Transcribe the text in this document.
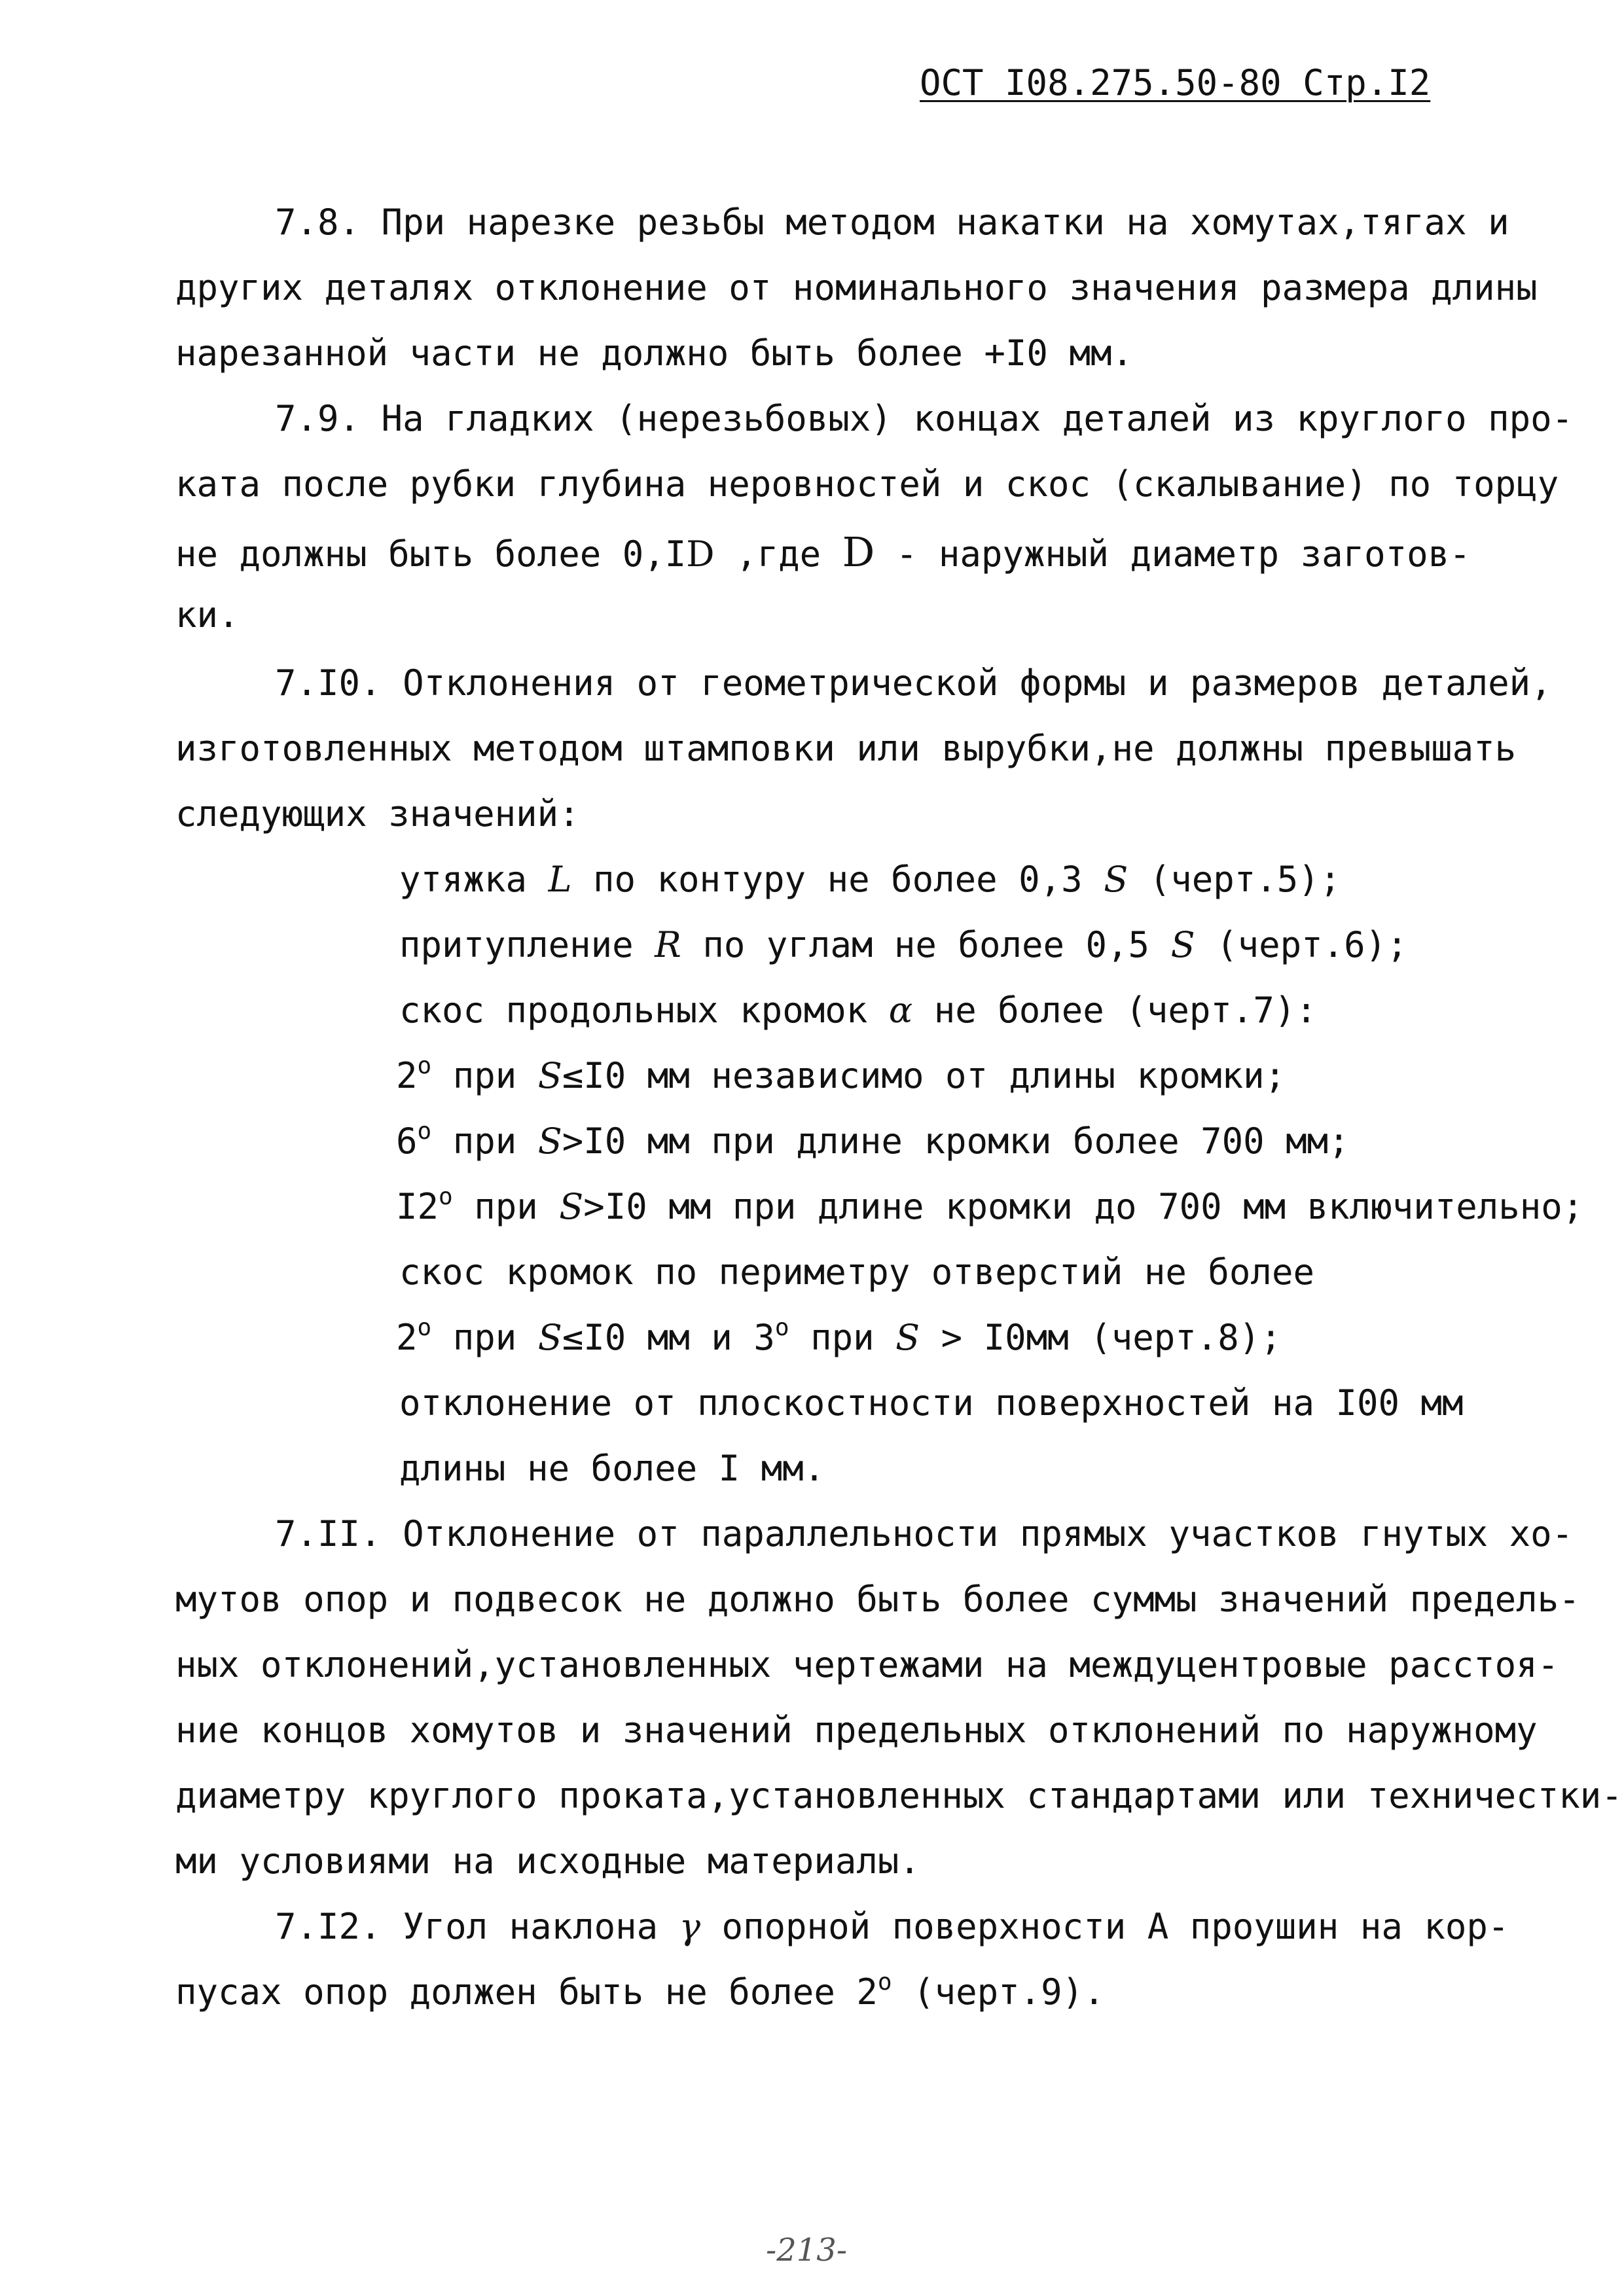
ОСТ I08.275.50-80 Стр.I2
7.8. При нарезке резьбы методом накатки на хомутах,тягах и
других деталях отклонение от номинального значения размера длины
нарезанной части не должно быть более +I0 мм.
7.9. На гладких (нерезьбовых) концах деталей из круглого про-
ката после рубки глубина неровностей и скос (скалывание) по торцу
не должны быть более 0,ID ,где D - наружный диаметр заготов-
ки.
7.I0. Отклонения от геометрической формы и размеров деталей,
изготовленных методом штамповки или вырубки,не должны превышать
следующих значений:
утяжка L по контуру не более 0,3 S (черт.5);
притупление R по углам не более 0,5 S (черт.6);
скос продольных кромок α не более (черт.7):
$2^о$ при S≤I0 мм независимо от длины кромки;
$6^о$ при S>I0 мм при длине кромки более 700 мм;
$I2^о$ при S>I0 мм при длине кромки до 700 мм включительно;
скос кромок по периметру отверстий не более
$2^о$ при S≤I0 мм и $3^о$ при S > I0мм (черт.8);
отклонение от плоскостности поверхностей на I00 мм
длины не более I мм.
7.II. Отклонение от параллельности прямых участков гнутых хо-
мутов опор и подвесок не должно быть более суммы значений предель-
ных отклонений,установленных чертежами на междуцентровые расстоя-
ние концов хомутов и значений предельных отклонений по наружному
диаметру круглого проката,установленных стандартами или техничестки-
ми условиями на исходные материалы.
7.I2. Угол наклона γ опорной поверхности А проушин на кор-
пусах опор должен быть не более $2^о$ (черт.9).
-213-
